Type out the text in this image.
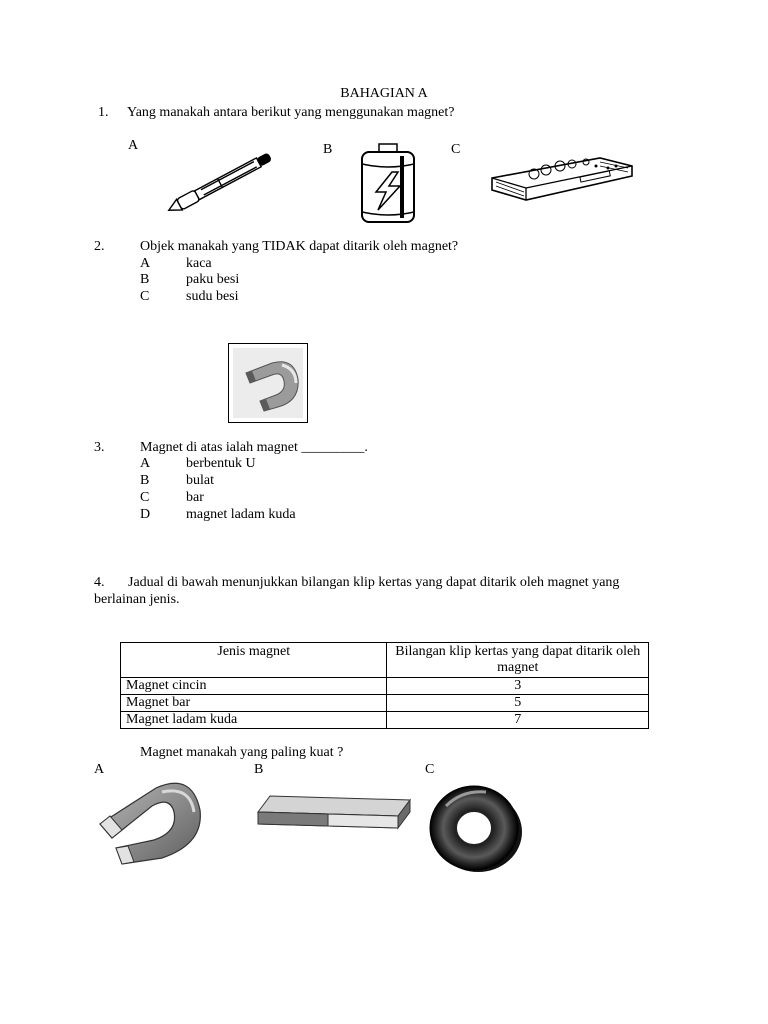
BAHAGIAN A
1. Yang manakah antara berikut yang menggunakan magnet?
A	B	C
2.	Objek manakah yang TIDAK dapat ditarik oleh magnet?
A	kaca
B	paku besi
C	sudu besi
3.	Magnet di atas ialah magnet _________.
A	berbentuk U
B	bulat
C	bar
D	magnet ladam kuda
4. Jadual di bawah menunjukkan bilangan klip kertas yang dapat ditarik oleh magnet yang
berlainan jenis.
Jenis magnet	Bilangan klip kertas yang dapat ditarik oleh magnet
Magnet cincin	3
Magnet bar	5
Magnet ladam kuda	7
Magnet manakah yang paling kuat ?
A	B	C
